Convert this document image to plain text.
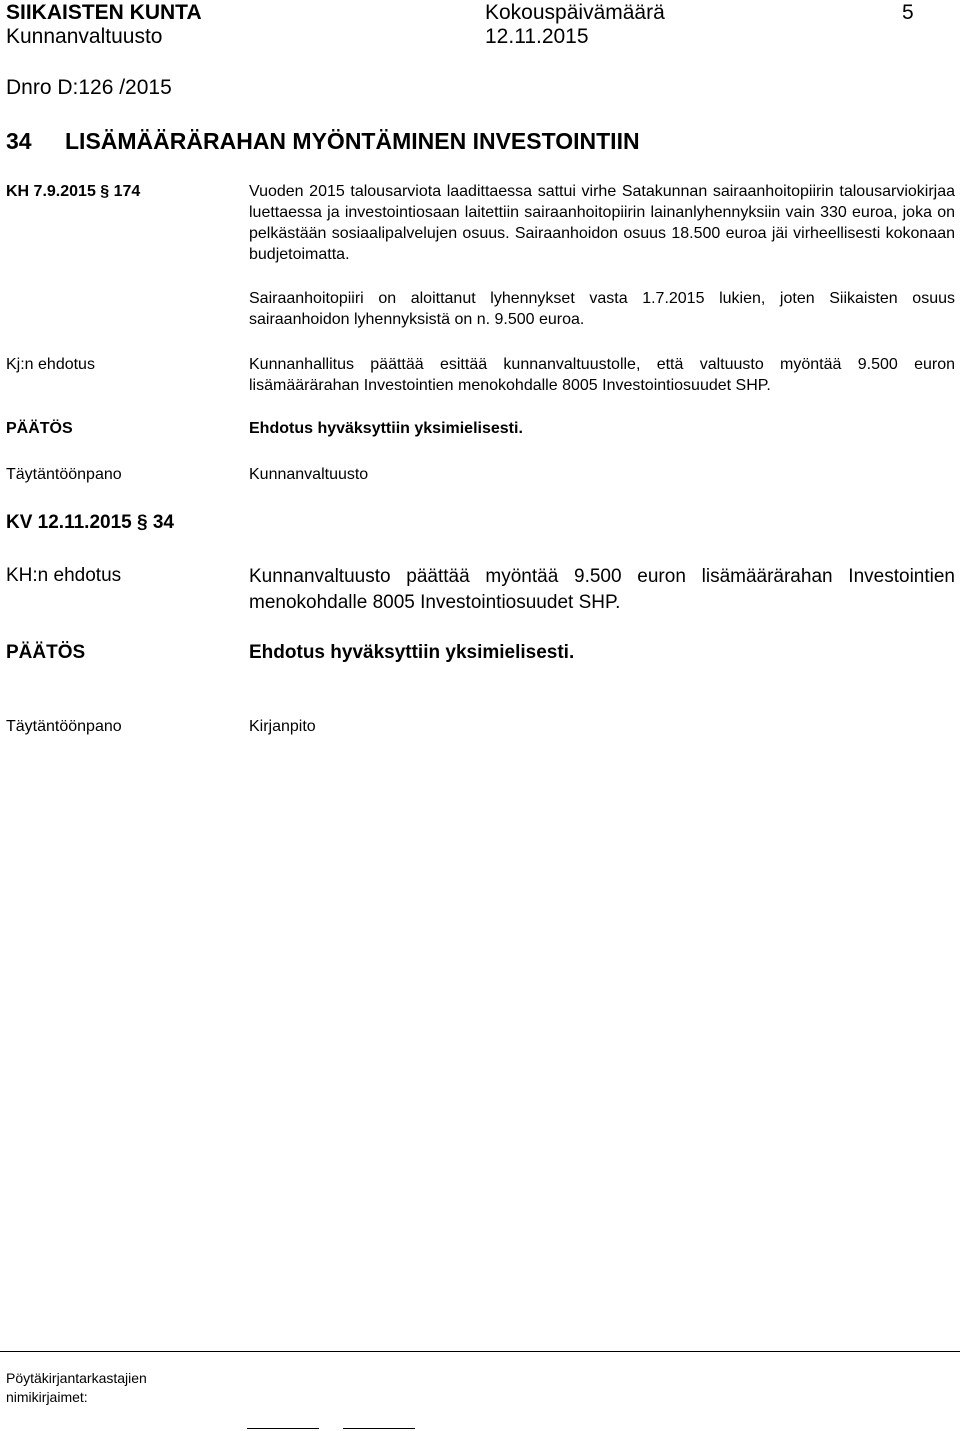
SIIKAISTEN KUNTA	Kokouspäivämäärä	5
Kunnanvaltuusto	12.11.2015
Dnro D:126 /2015
34 LISÄMÄÄRÄRAHAN MYÖNTÄMINEN INVESTOINTIIN
KH 7.9.2015 § 174	Vuoden 2015 talousarviota laadittaessa sattui virhe Satakunnan sairaanhoitopiirin talousarviokirjaa luettaessa ja investointiosaan laitettiin sairaanhoitopiirin lainanlyhennyksiin vain 330 euroa, joka on pelkästään sosiaalipalvelujen osuus. Sairaanhoidon osuus 18.500 euroa jäi virheellisesti kokonaan budjetoimatta.
Sairaanhoitopiiri on aloittanut lyhennykset vasta 1.7.2015 lukien, joten Siikaisten osuus sairaanhoidon lyhennyksistä on n. 9.500 euroa.
Kj:n ehdotus	Kunnanhallitus päättää esittää kunnanvaltuustolle, että valtuusto myöntää 9.500 euron lisämäärärahan Investointien menokohdalle 8005 Investointiosuudet SHP.
PÄÄTÖS	Ehdotus hyväksyttiin yksimielisesti.
Täytäntöönpano	Kunnanvaltuusto
KV 12.11.2015 § 34
KH:n ehdotus	Kunnanvaltuusto päättää myöntää 9.500 euron lisämäärärahan Investointien menokohdalle 8005 Investointiosuudet SHP.
PÄÄTÖS	Ehdotus hyväksyttiin yksimielisesti.
Täytäntöönpano	Kirjanpito
Pöytäkirjantarkastajien nimikirjaimet:
